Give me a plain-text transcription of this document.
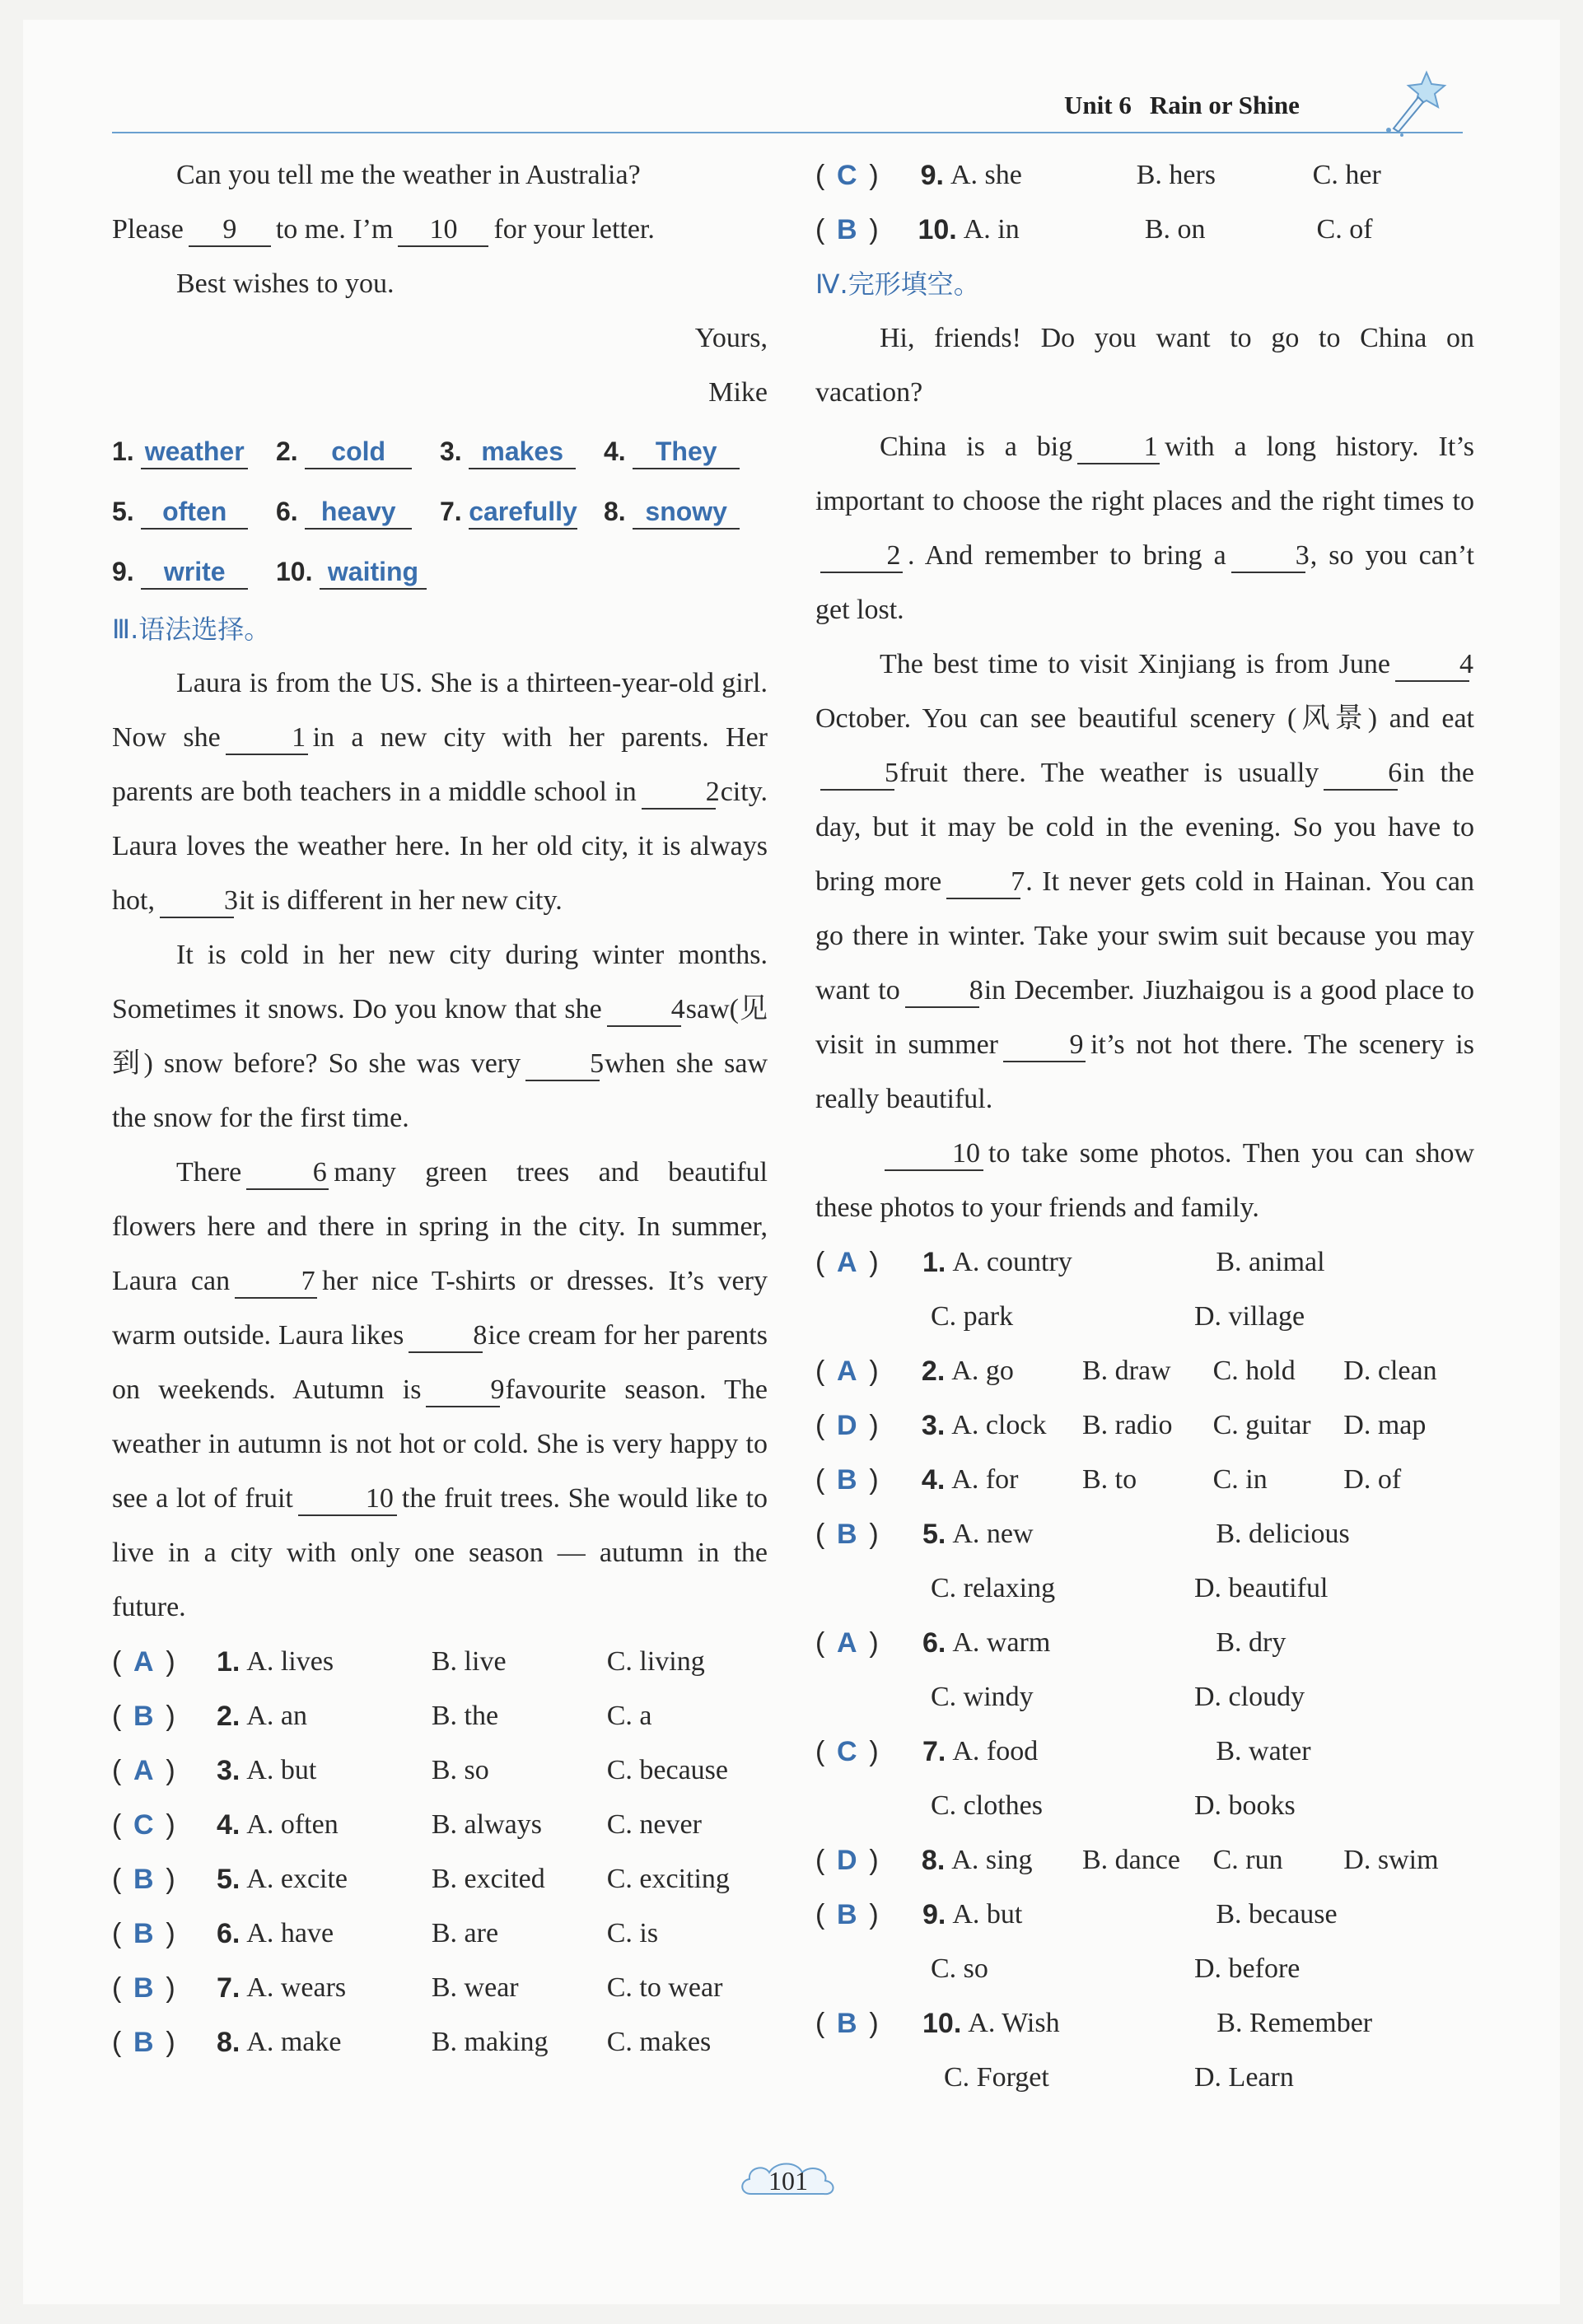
Unit 6 Rain or Shine

Can you tell me the weather in Australia?

Please 9 to me. I’m 10 for your letter.

Best wishes to you.

Yours,

Mike

1. weather	2. cold	3. makes	4. They
5. often	6. heavy	7. carefully	8. snowy
9. write	10. waiting

Ⅲ.语法选择。

Laura is from the US. She is a thirteen-year-old girl. Now she	1 in a new city with her parents. Her parents are both teachers in a middle school in 2city. Laura loves the weather here. In her old city, it is always hot, 3it is different in her new city.

It is cold in her new city during winter months. Sometimes it snows. Do you know that she 4saw(见到) snow before? So she was very 5when she saw the snow for the first time.

There	6 many green trees and beautiful flowers here and there in spring in the city. In summer, Laura can	7 her nice T-shirts or dresses. It’s very warm outside. Laura likes 8ice cream for her parents on weekends. Autumn is 9favourite season. The weather in autumn is not hot or cold. She is very happy to see a lot of fruit	10 the fruit trees. She would like to live in a city with only one season — autumn in the future.

( A )	1. A. lives	B. live	C. living
( B )	2. A. an	B. the	C. a
( A )	3. A. but	B. so	C. because
( C )	4. A. often	B. always	C. never
( B )	5. A. excite	B. excited	C. exciting
( B )	6. A. have	B. are	C. is
( B )	7. A. wears	B. wear	C. to wear
( B )	8. A. make	B. making	C. makes
( C )	9. A. she	B. hers	C. her
( B )	10. A. in	B. on	C. of

Ⅳ.完形填空。

Hi, friends! Do you want to go to China on vacation?

China is a big	1 with a long history. It’s important to choose the right places and the right times to2 . And remember to bring a 3, so you can’t get lost.

The best time to visit Xinjiang is from June 4October. You can see beautiful scenery (风景) and eat5fruit there. The weather is usually 6in the day, but it may be cold in the evening. So you have to bring more 7. It never gets cold in Hainan. You can go there in winter. Take your swim suit because you may want to 8in December. Jiuzhaigou is a good place to visit in summer	9 it’s not hot there. The scenery is really beautiful.

10 to take some photos. Then you can show these photos to your friends and family.

( A )	1. A. country	B. animal
C. park	D. village
( A )	2. A. go	B. draw	C. hold	D. clean
( D )	3. A. clock	B. radio	C. guitar	D. map
( B )	4. A. for	B. to	C. in	D. of
( B )	5. A. new	B. delicious
C. relaxing	D. beautiful
( A )	6. A. warm	B. dry
C. windy	D. cloudy
( C )	7. A. food	B. water
C. clothes	D. books
( D )	8. A. sing	B. dance	C. run	D. swim
( B )	9. A. but	B. because
C. so	D. before
( B )	10. A. Wish	B. Remember
C. Forget	D. Learn
101
